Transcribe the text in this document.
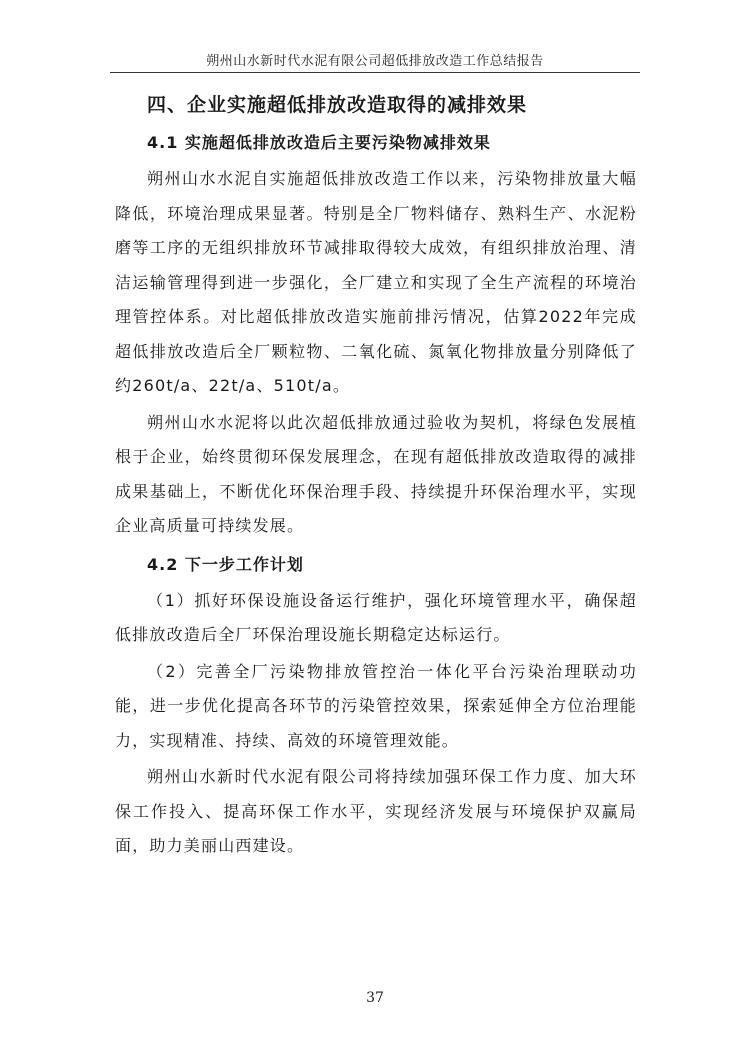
朔州山水新时代水泥有限公司超低排放改造工作总结报告
四、企业实施超低排放改造取得的减排效果
4.1 实施超低排放改造后主要污染物减排效果

朔州山水水泥自实施超低排放改造工作以来，污染物排放量大幅降低，环境治理成果显著。特别是全厂物料储存、熟料生产、水泥粉磨等工序的无组织排放环节减排取得较大成效，有组织排放治理、清洁运输管理得到进一步强化，全厂建立和实现了全生产流程的环境治理管控体系。对比超低排放改造实施前排污情况，估算2022年完成超低排放改造后全厂颗粒物、二氧化硫、氮氧化物排放量分别降低了约260t/a、22t/a、510t/a。

朔州山水水泥将以此次超低排放通过验收为契机，将绿色发展植根于企业，始终贯彻环保发展理念，在现有超低排放改造取得的减排成果基础上，不断优化环保治理手段、持续提升环保治理水平，实现企业高质量可持续发展。

4.2 下一步工作计划

（1）抓好环保设施设备运行维护，强化环境管理水平，确保超低排放改造后全厂环保治理设施长期稳定达标运行。

（2）完善全厂污染物排放管控治一体化平台污染治理联动功能，进一步优化提高各环节的污染管控效果，探索延伸全方位治理能力，实现精准、持续、高效的环境管理效能。

朔州山水新时代水泥有限公司将持续加强环保工作力度、加大环保工作投入、提高环保工作水平，实现经济发展与环境保护双赢局面，助力美丽山西建设。

37
